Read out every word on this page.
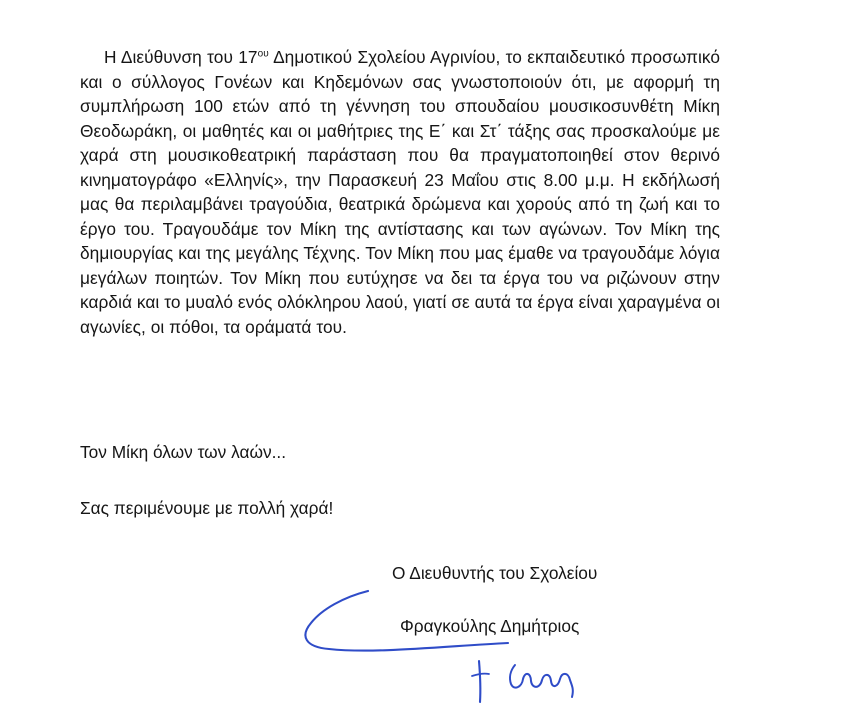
Η Διεύθυνση του $17^{o\upsilon}$ Δημοτικού Σχολείου Αγρινίου, το εκπαιδευτικό προσωπικό και ο σύλλογος Γονέων και Κηδεμόνων σας γνωστοποιούν ότι, με αφορμή τη συμπλήρωση 100 ετών από τη γέννηση του σπουδαίου μουσικοσυνθέτη Μίκη Θεοδωράκη, οι μαθητές και οι μαθήτριες της Ε΄ και Στ΄ τάξης σας προσκαλούμε με χαρά στη μουσικοθεατρική παράσταση που θα πραγματοποιηθεί στον θερινό κινηματογράφο «Ελληνίς», την Παρασκευή 23 Μαΐου στις 8.00 μ.μ. Η εκδήλωσή μας θα περιλαμβάνει τραγούδια, θεατρικά δρώμενα και χορούς από τη ζωή και το έργο του. Τραγουδάμε τον Μίκη της αντίστασης και των αγώνων. Τον Μίκη της δημιουργίας και της μεγάλης Τέχνης. Τον Μίκη που μας έμαθε να τραγουδάμε λόγια μεγάλων ποιητών. Τον Μίκη που ευτύχησε να δει τα έργα του να ριζώνουν στην καρδιά και το μυαλό ενός ολόκληρου λαού, γιατί σε αυτά τα έργα είναι χαραγμένα οι αγωνίες, οι πόθοι, τα οράματά του.

Τον Μίκη όλων των λαών...

Σας περιμένουμε με πολλή χαρά!

Ο Διευθυντής του Σχολείου

Φραγκούλης Δημήτριος
